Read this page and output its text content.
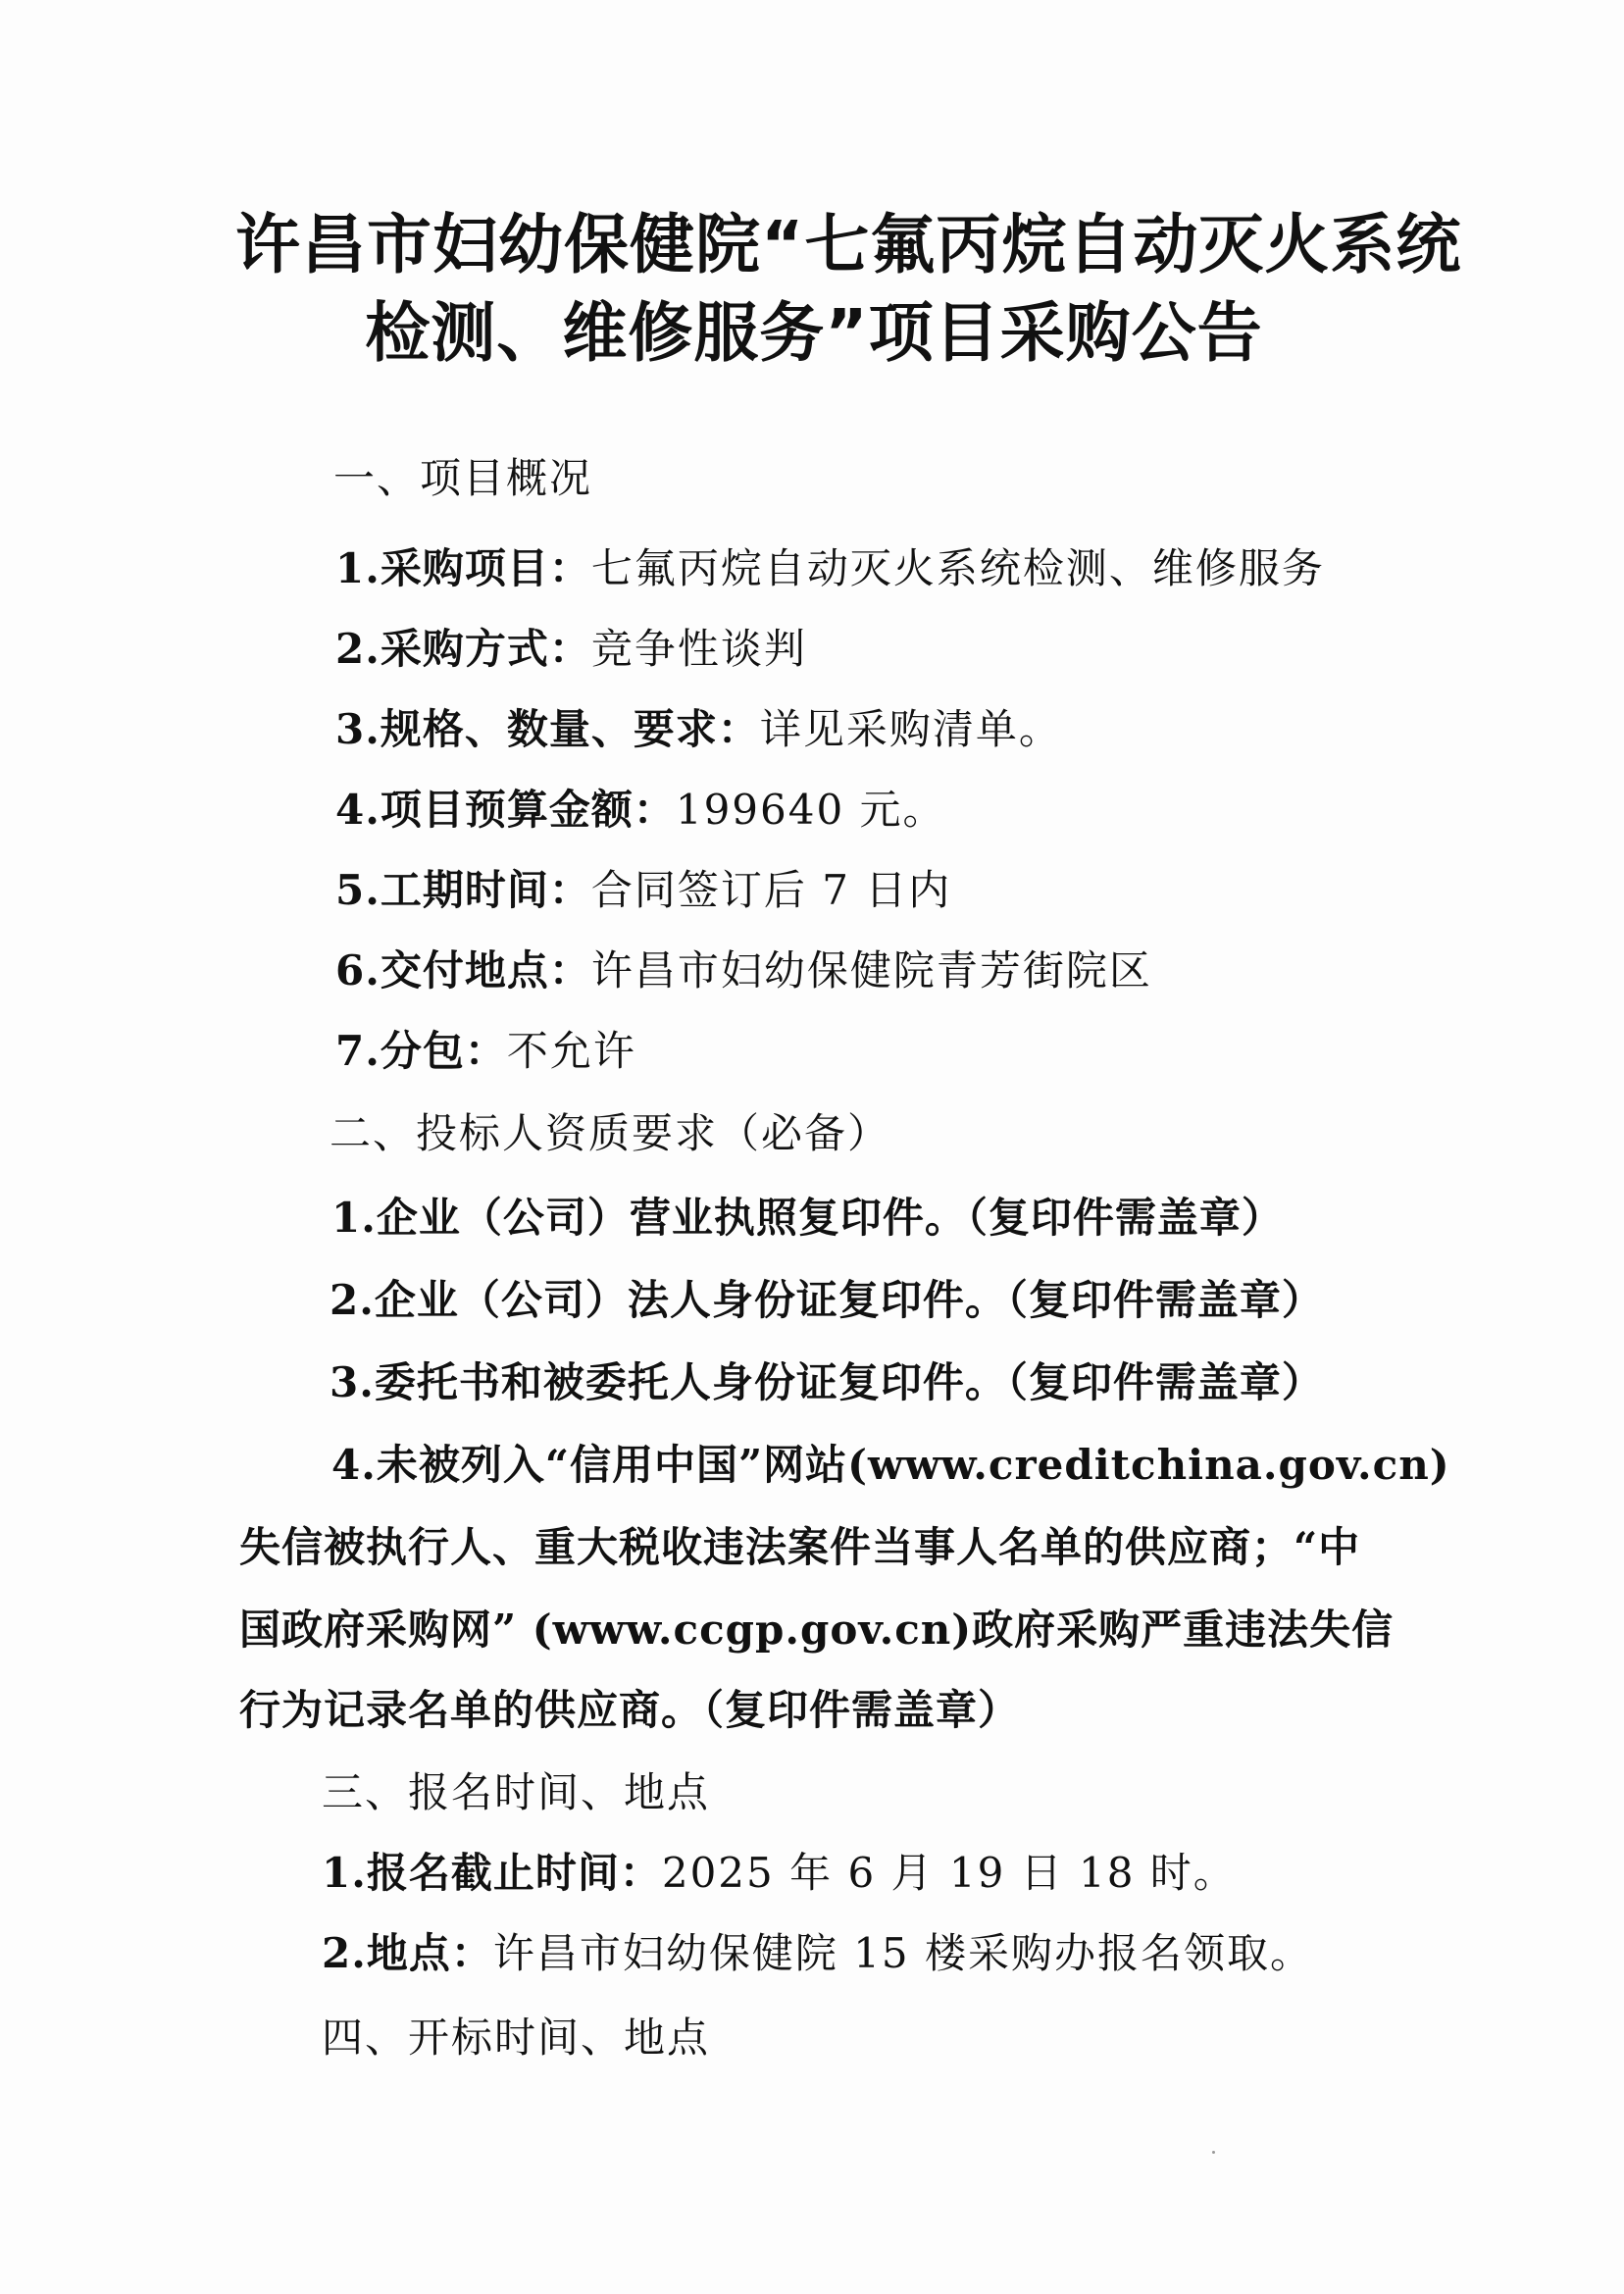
许昌市妇幼保健院“七氟丙烷自动灭火系统
检测、维修服务”项目采购公告
一、项目概况
1.采购项目：七氟丙烷自动灭火系统检测、维修服务
2.采购方式：竞争性谈判
3.规格、数量、要求：详见采购清单。
4.项目预算金额：199640 元。
5.工期时间：合同签订后 7 日内
6.交付地点：许昌市妇幼保健院青芳街院区
7.分包：不允许
二、投标人资质要求（必备）
1.企业（公司）营业执照复印件。（复印件需盖章）
2.企业（公司）法人身份证复印件。（复印件需盖章）
3.委托书和被委托人身份证复印件。（复印件需盖章）
4.未被列入“信用中国”网站(www.creditchina.gov.cn)
失信被执行人、重大税收违法案件当事人名单的供应商；“中
国政府采购网” (www.ccgp.gov.cn)政府采购严重违法失信
行为记录名单的供应商。（复印件需盖章）
三、报名时间、地点
1.报名截止时间：2025 年 6 月 19 日 18 时。
2.地点：许昌市妇幼保健院 15 楼采购办报名领取。
四、开标时间、地点
